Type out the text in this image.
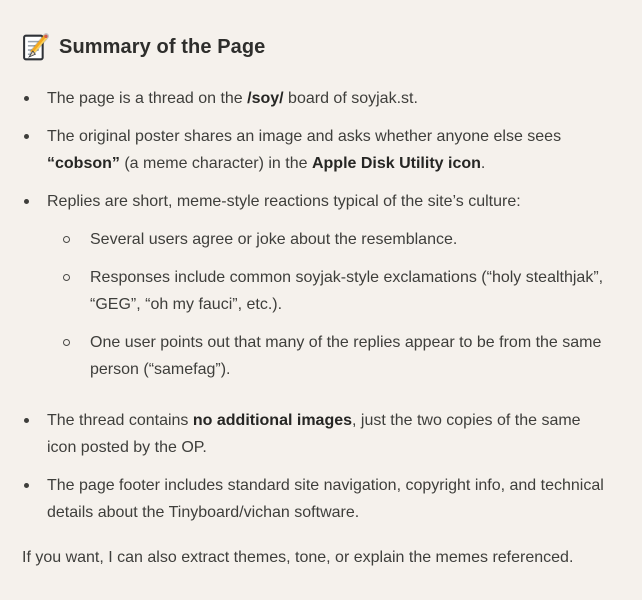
Summary of the Page
The page is a thread on the /soy/ board of soyjak.st.
The original poster shares an image and asks whether anyone else sees “cobson” (a meme character) in the Apple Disk Utility icon.
Replies are short, meme-style reactions typical of the site’s culture:
Several users agree or joke about the resemblance.
Responses include common soyjak-style exclamations (“holy stealthjak”, “GEG”, “oh my fauci”, etc.).
One user points out that many of the replies appear to be from the same person (“samefag”).
The thread contains no additional images, just the two copies of the same icon posted by the OP.
The page footer includes standard site navigation, copyright info, and technical details about the Tinyboard/vichan software.

If you want, I can also extract themes, tone, or explain the memes referenced.
